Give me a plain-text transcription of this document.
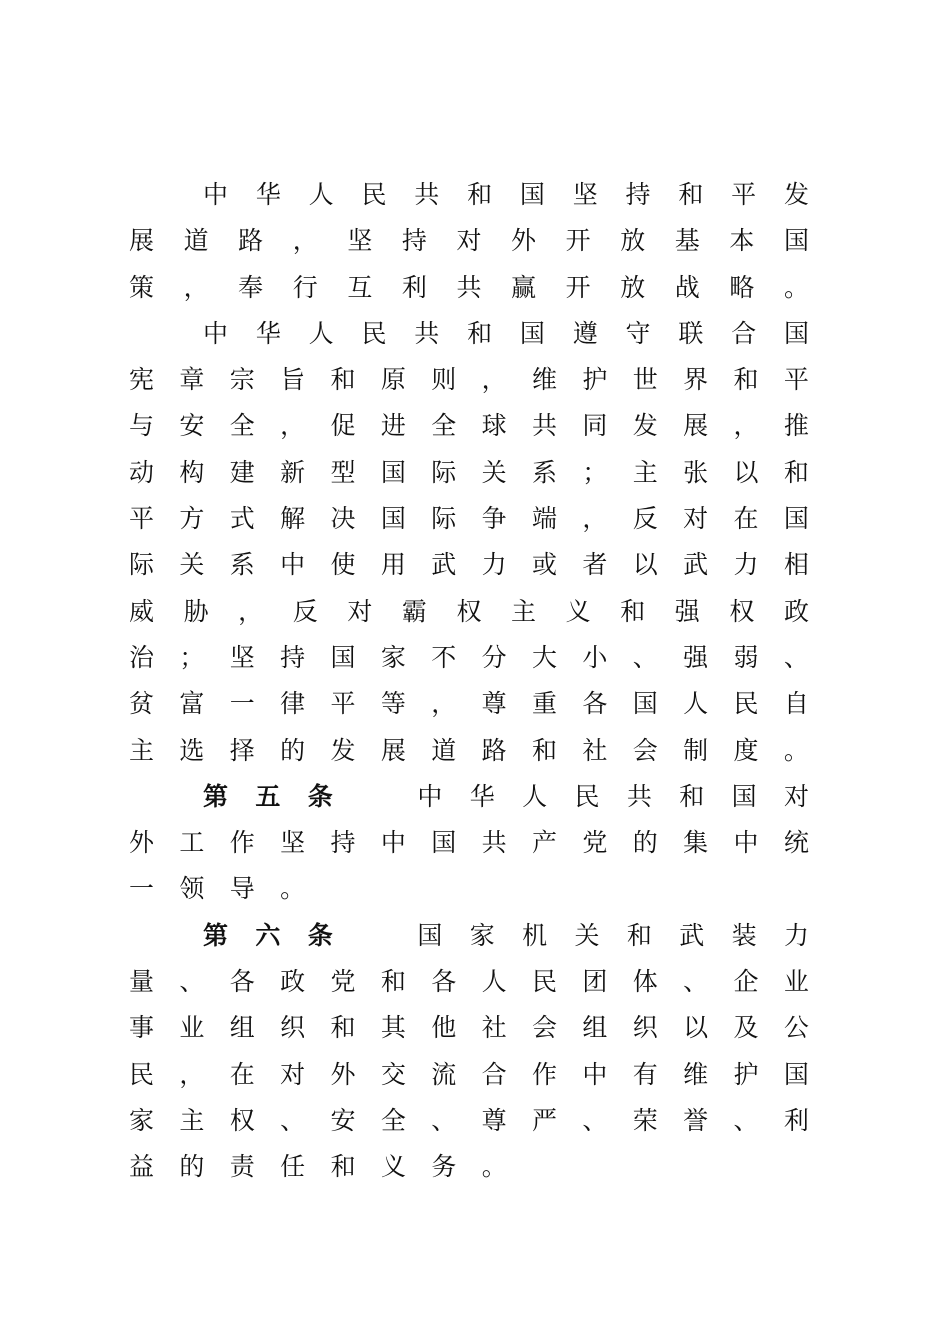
中 华 人 民 共 和 国 坚 持 和 平 发
展 道 路 ， 坚 持 对 外 开 放 基 本 国
策 ， 奉 行 互 利 共 赢 开 放 战 略 。
中 华 人 民 共 和 国 遵 守 联 合 国
宪 章 宗 旨 和 原 则 ， 维 护 世 界 和 平
与 安 全 ， 促 进 全 球 共 同 发 展 ， 推
动 构 建 新 型 国 际 关 系 ； 主 张 以 和
平 方 式 解 决 国 际 争 端 ， 反 对 在 国
际 关 系 中 使 用 武 力 或 者 以 武 力 相
威 胁 ， 反 对 霸 权 主 义 和 强 权 政
治 ； 坚 持 国 家 不 分 大 小 、 强 弱 、
贫 富 一 律 平 等 ， 尊 重 各 国 人 民 自
主 选 择 的 发 展 道 路 和 社 会 制 度 。
第 五 条	中 华 人 民 共 和 国 对
外 工 作 坚 持 中 国 共 产 党 的 集 中 统
一 领 导 。
第 六 条	国 家 机 关 和 武 装 力
量 、 各 政 党 和 各 人 民 团 体 、 企 业
事 业 组 织 和 其 他 社 会 组 织 以 及 公
民 ， 在 对 外 交 流 合 作 中 有 维 护 国
家 主 权 、 安 全 、 尊 严 、 荣 誉 、 利
益 的 责 任 和 义 务 。
